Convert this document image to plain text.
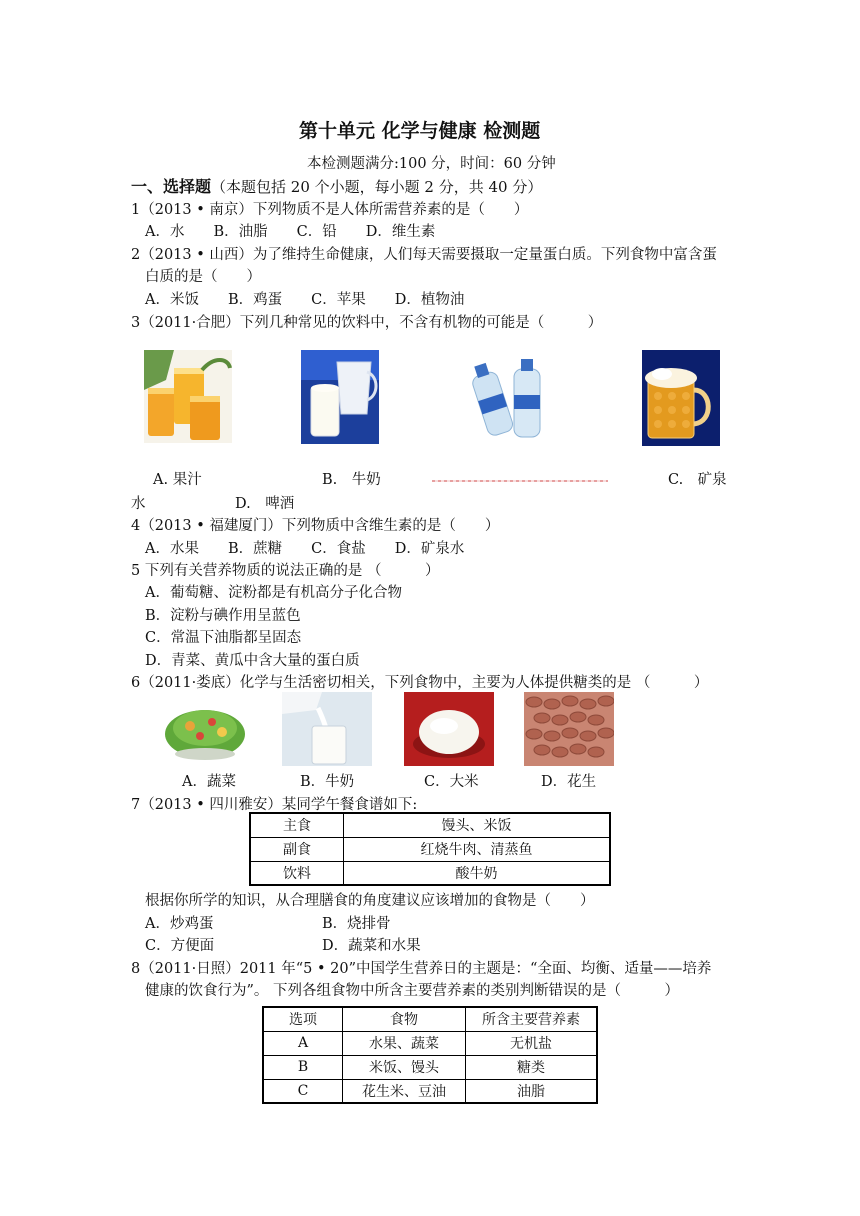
第十单元 化学与健康 检测题
本检测题满分:100 分，时间：60 分钟
一、选择题（本题包括 20 个小题，每小题 2 分，共 40 分）
1（2013 • 南京）下列物质不是人体所需营养素的是（　　）
A．水　　B．油脂　　C．铅　　D．维生素
2（2013 • 山西）为了维持生命健康，人们每天需要摄取一定量蛋白质。下列食物中富含蛋
白质的是（　　）
A．米饭　　B．鸡蛋　　C．苹果　　D．植物油
3（2011·合肥）下列几种常见的饮料中，不含有机物的可能是（　　　）
A. 果汁	B.　牛奶	C.　矿泉
水	D.　啤酒
4（2013 • 福建厦门）下列物质中含维生素的是（　　）
A．水果　　B．蔗糖　　C．食盐　　D．矿泉水
5 下列有关营养物质的说法正确的是 （　　　）
A．葡萄糖、淀粉都是有机高分子化合物
B．淀粉与碘作用呈蓝色
C．常温下油脂都呈固态
D．青菜、黄瓜中含大量的蛋白质
6（2011·娄底）化学与生活密切相关，下列食物中，主要为人体提供糖类的是 （　　　）
A．蔬菜	B．牛奶	C．大米	D．花生
7（2013 • 四川雅安）某同学午餐食谱如下:
主食	馒头、米饭
副食	红烧牛肉、清蒸鱼
饮料	酸牛奶
根据你所学的知识，从合理膳食的角度建议应该增加的食物是（　　）
A．炒鸡蛋	B．烧排骨
C．方便面	D．蔬菜和水果
8（2011·日照）2011 年“5 • 20”中国学生营养日的主题是：“全面、均衡、适量——培养
健康的饮食行为”。 下列各组食物中所含主要营养素的类别判断错误的是（　　　）
选项	食物	所含主要营养素
A	水果、蔬菜	无机盐
B	米饭、馒头	糖类
C	花生米、豆油	油脂
